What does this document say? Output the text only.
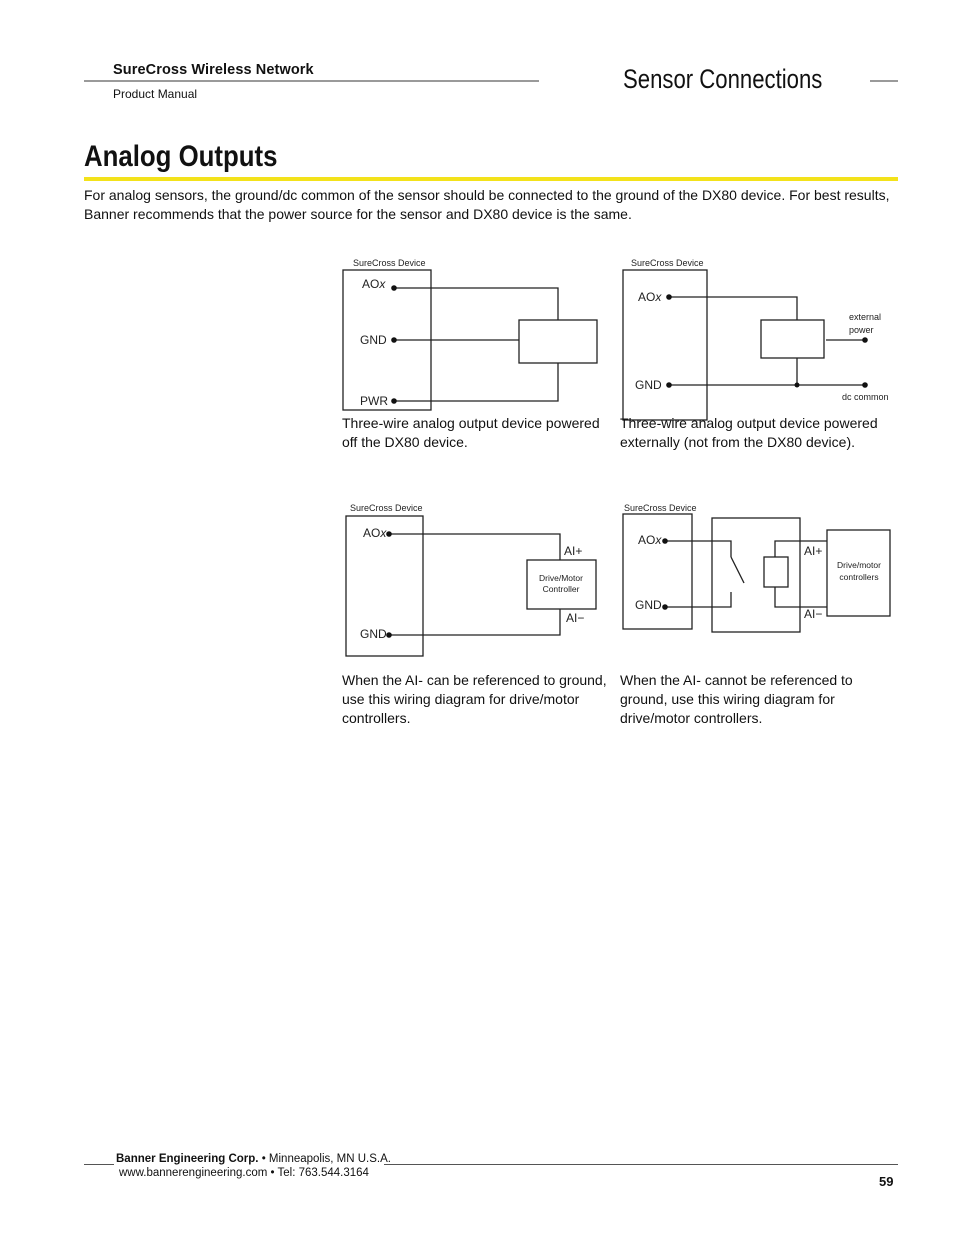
SureCross Wireless Network
Product Manual	Sensor Connections
Analog Outputs
For analog sensors, the ground/dc common of the sensor should be connected to the ground of the DX80 device. For best results, Banner recommends that the power source for the sensor and DX80 device is the same.
SureCross Device
AOx
GND
PWR
Three-wire analog output device powered off the DX80 device.
SureCross Device
AOx
GND
external
power
dc common
Three-wire analog output device powered externally (not from the DX80 device).
SureCross Device
AOx
GND
AI+
AI−
Drive/Motor
Controller
When the AI- can be referenced to ground, use this wiring diagram for drive/motor controllers.
SureCross Device
AOx
GND
AI+
AI−
Drive/motor
controllers
When the AI- cannot be referenced to ground, use this wiring diagram for drive/motor controllers.
Banner Engineering Corp. • Minneapolis, MN U.S.A.
www.bannerengineering.com • Tel: 763.544.3164
59
